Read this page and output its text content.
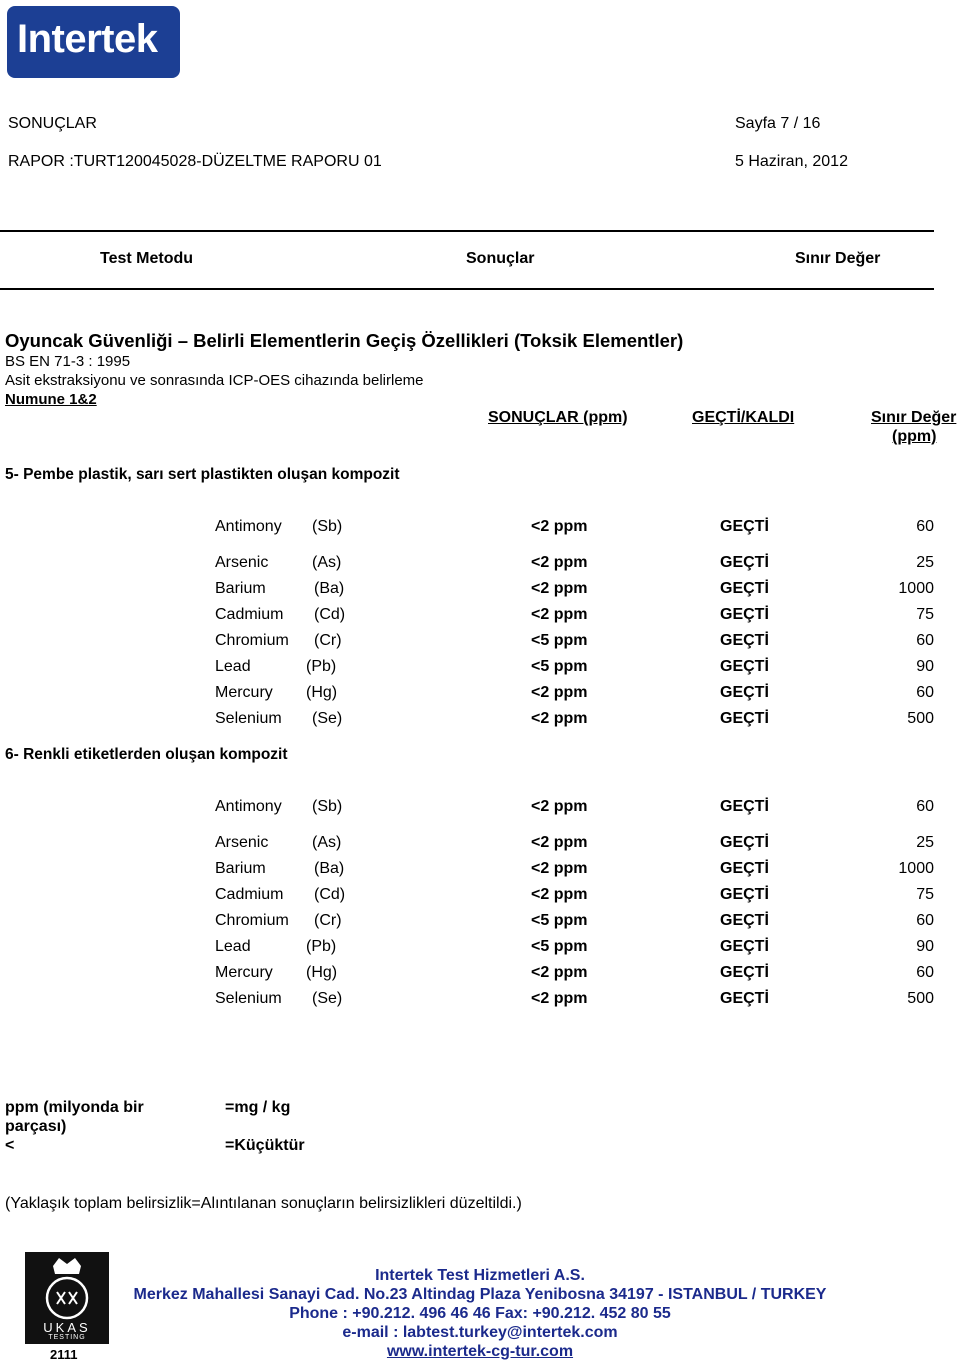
Intertek
SONUÇLAR	Sayfa 7 / 16
RAPOR :TURT120045028-DÜZELTME RAPORU 01	5 Haziran, 2012
Test Metodu	Sonuçlar	Sınır Değer
Oyuncak Güvenliği – Belirli Elementlerin Geçiş Özellikleri (Toksik Elementler)
BS EN 71-3 : 1995
Asit ekstraksiyonu ve sonrasında ICP-OES cihazında belirleme
Numune 1&2
SONUÇLAR (ppm)	GEÇTİ/KALDI	Sınır Değer
(ppm)
5- Pembe plastik, sarı sert plastikten oluşan kompozit
Antimony (Sb)	<2 ppm	GEÇTİ	60
Arsenic	(As)	<2 ppm	GEÇTİ	25
Barium	(Ba)	<2 ppm	GEÇTİ	1000
Cadmium (Cd)	<2 ppm	GEÇTİ	75
Chromium (Cr)	<5 ppm	GEÇTİ	60
Lead	(Pb)	<5 ppm	GEÇTİ	90
Mercury (Hg)	<2 ppm	GEÇTİ	60
Selenium (Se)	<2 ppm	GEÇTİ	500
6- Renkli etiketlerden oluşan kompozit
Antimony (Sb)	<2 ppm	GEÇTİ	60
Arsenic	(As)	<2 ppm	GEÇTİ	25
Barium	(Ba)	<2 ppm	GEÇTİ	1000
Cadmium (Cd)	<2 ppm	GEÇTİ	75
Chromium (Cr)	<5 ppm	GEÇTİ	60
Lead	(Pb)	<5 ppm	GEÇTİ	90
Mercury (Hg)	<2 ppm	GEÇTİ	60
Selenium (Se)	<2 ppm	GEÇTİ	500
ppm (milyonda bir
parçası)
=mg / kg
<	=Küçüktür
(Yaklaşık toplam belirsizlik=Alıntılanan sonuçların belirsizlikleri düzeltildi.)
UKAS
TESTING
2111
Intertek Test Hizmetleri A.S.
Merkez Mahallesi Sanayi Cad. No.23 Altindag Plaza Yenibosna 34197 - ISTANBUL / TURKEY
Phone : +90.212. 496 46 46 Fax: +90.212. 452 80 55
e-mail : labtest.turkey@intertek.com
www.intertek-cg-tur.com
